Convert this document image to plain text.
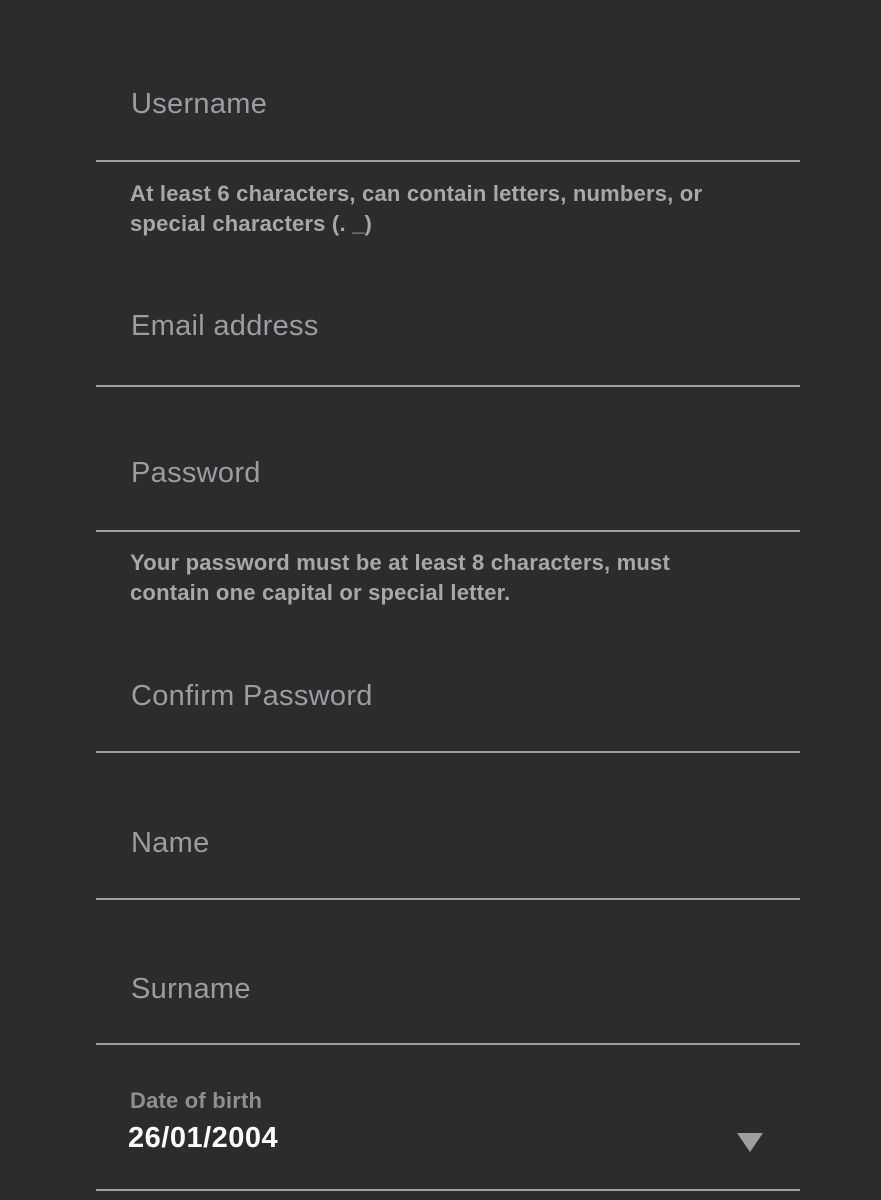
Username
At least 6 characters, can contain letters, numbers, or
special characters (. _)
Email address
Password
Your password must be at least 8 characters, must
contain one capital or special letter.
Confirm Password
Name
Surname
Date of birth
26/01/2004
